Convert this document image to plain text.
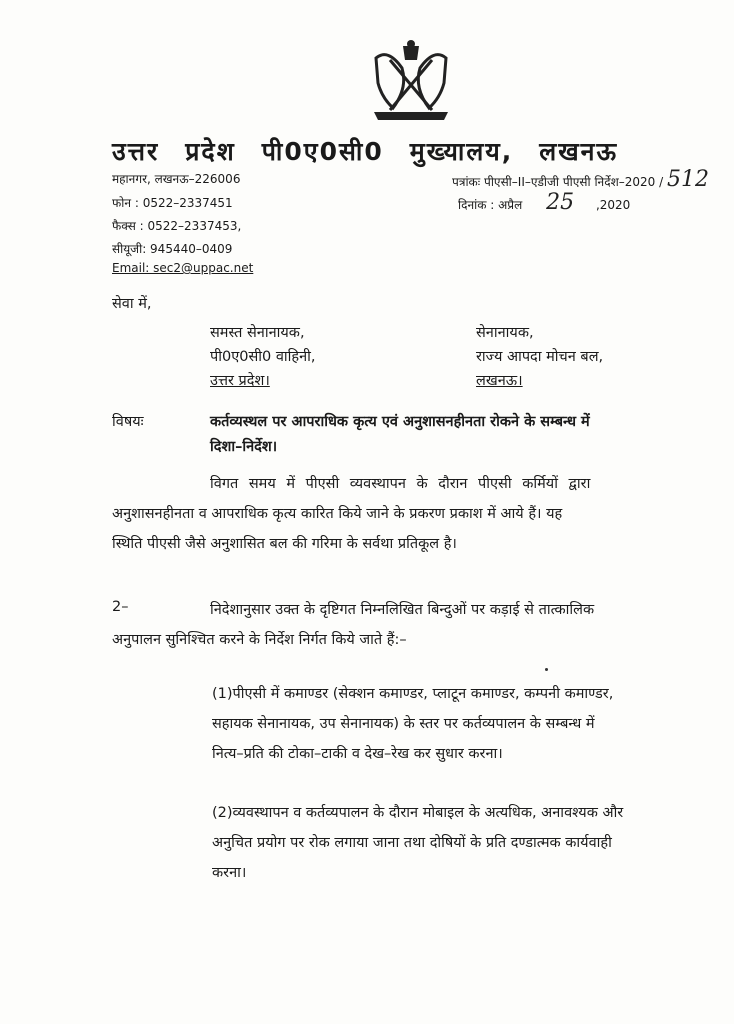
उत्तर प्रदेश पी0ए0सी0 मुख्यालय, लखनऊ
महानगर, लखनऊ–226006
फोन : 0522–2337451
फैक्स : 0522–2337453,
सीयूजी: 945440–0409
Email: sec2@uppac.net
पत्रांकः पीएसी–II–एडीजी पीएसी निर्देश–2020 / 512
दिनांक : अप्रैल 25 ,2020
सेवा में,
समस्त सेनानायक,
पी0ए0सी0 वाहिनी,
उत्तर प्रदेश।
सेनानायक,
राज्य आपदा मोचन बल,
लखनऊ।
विषयः	कर्तव्यस्थल पर आपराधिक कृत्य एवं अनुशासनहीनता रोकने के सम्बन्ध में
दिशा–निर्देश।
विगत समय में पीएसी व्यवस्थापन के दौरान पीएसी कर्मियों द्वारा
अनुशासनहीनता व आपराधिक कृत्य कारित किये जाने के प्रकरण प्रकाश में आये हैं। यह
स्थिति पीएसी जैसे अनुशासित बल की गरिमा के सर्वथा प्रतिकूल है।
2–	निदेशानुसार उक्त के दृष्टिगत निम्नलिखित बिन्दुओं पर कड़ाई से तात्कालिक
अनुपालन सुनिश्चित करने के निर्देश निर्गत किये जाते हैं:–
(1)पीएसी में कमाण्डर (सेक्शन कमाण्डर, प्लाटून कमाण्डर, कम्पनी कमाण्डर,
सहायक सेनानायक, उप सेनानायक) के स्तर पर कर्तव्यपालन के सम्बन्ध में
नित्य–प्रति की टोका–टाकी व देख–रेख कर सुधार करना।
(2)व्यवस्थापन व कर्तव्यपालन के दौरान मोबाइल के अत्यधिक, अनावश्यक और
अनुचित प्रयोग पर रोक लगाया जाना तथा दोषियों के प्रति दण्डात्मक कार्यवाही
करना।
